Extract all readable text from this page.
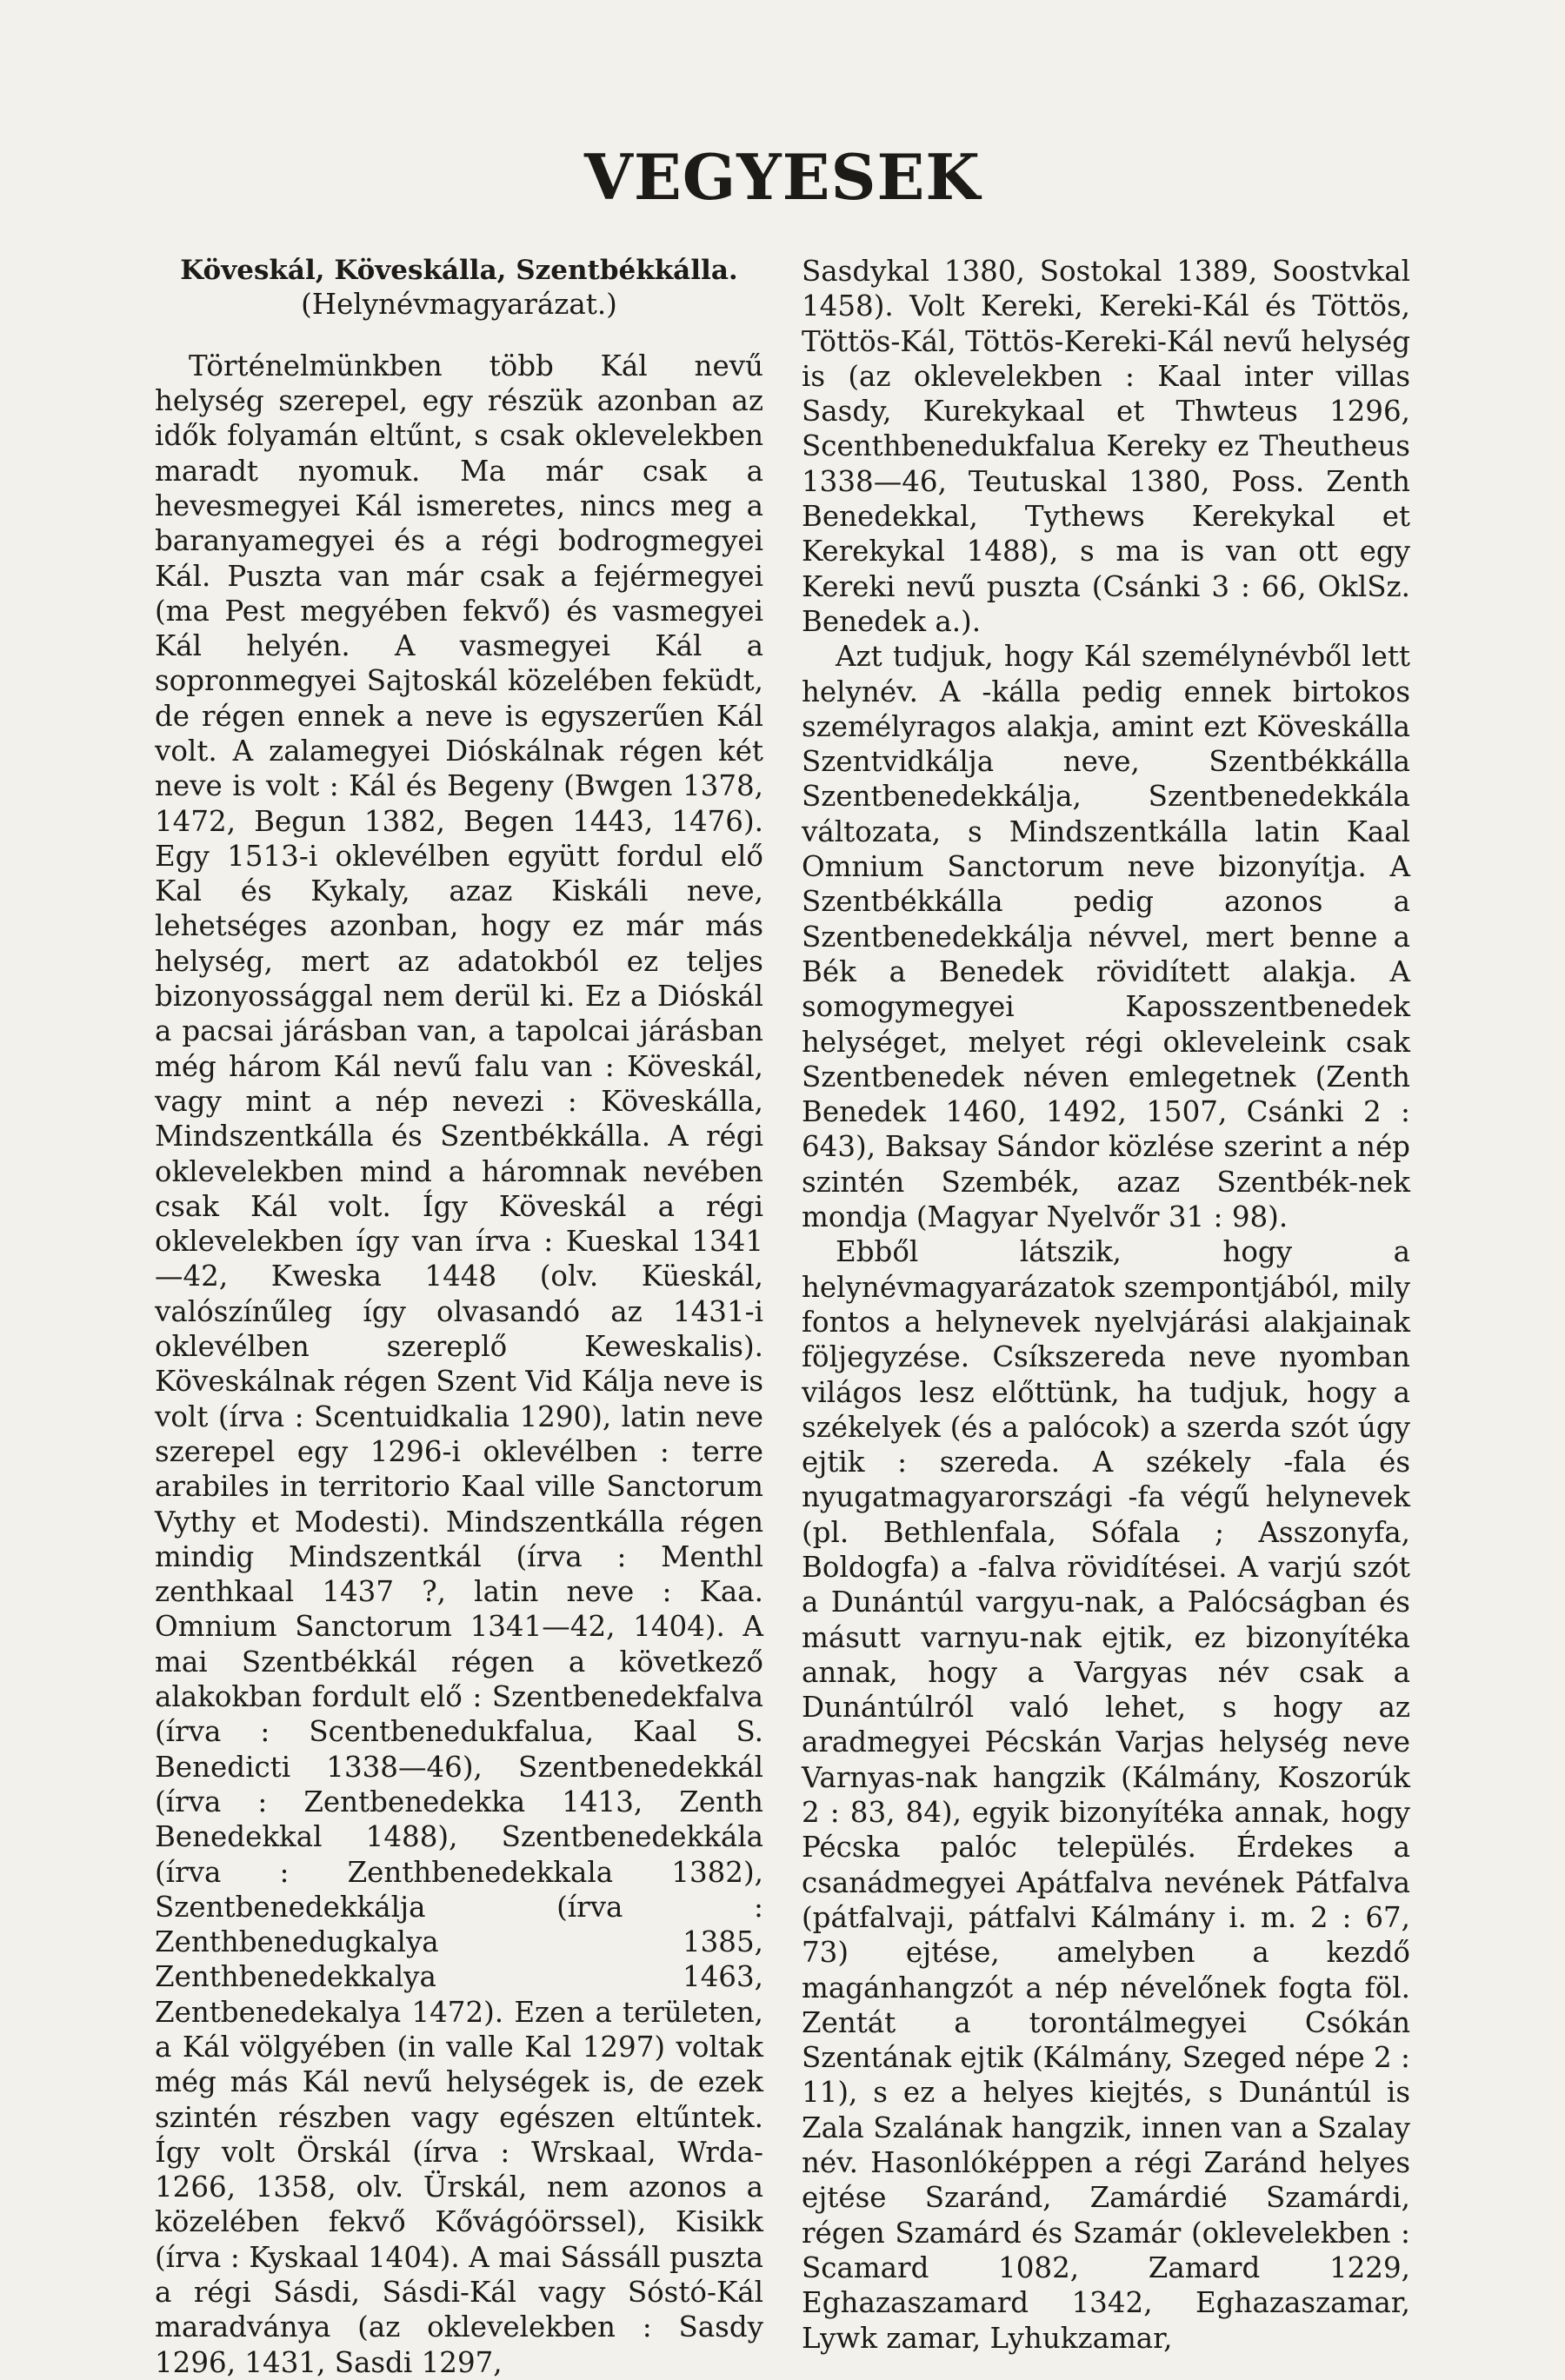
VEGYESEK
Köveskál, Köveskálla, Szentbékkálla.
(Helynévmagyarázat.)

Történelmünkben több Kál nevű helység szerepel, egy részük azonban az idők folyamán eltűnt, s csak oklevelekben maradt nyomuk. Ma már csak a hevesmegyei Kál ismeretes, nincs meg a baranyamegyei és a régi bodrogmegyei Kál. Puszta van már csak a fejérmegyei (ma Pest megyében fekvő) és vasmegyei Kál helyén. A vasmegyei Kál a sopronmegyei Sajtoskál közelében feküdt, de régen ennek a neve is egyszerűen Kál volt. A zalamegyei Dióskálnak régen két neve is volt : Kál és Begeny (Bwgen 1378, 1472, Begun 1382, Begen 1443, 1476). Egy 1513-i oklevélben együtt fordul elő Kal és Kykaly, azaz Kiskáli neve, lehetséges azonban, hogy ez már más helység, mert az adatokból ez teljes bizonyossággal nem derül ki. Ez a Dióskál a pacsai járásban van, a tapolcai járásban még három Kál nevű falu van : Köveskál, vagy mint a nép nevezi : Köveskálla, Mindszentkálla és Szentbékkálla. A régi oklevelekben mind a háromnak nevében csak Kál volt. Így Köveskál a régi oklevelekben így van írva : Kueskal 1341—42, Kweska 1448 (olv. Küeskál, valószínűleg így olvasandó az 1431-i oklevélben szereplő Keweskalis). Köveskálnak régen Szent Vid Kálja neve is volt (írva : Scentuidkalia 1290), latin neve szerepel egy 1296-i oklevélben : terre arabiles in territorio Kaal ville Sanctorum Vythy et Modesti). Mindszentkálla régen mindig Mindszentkál (írva : Menthl zenthkaal 1437 ?, latin neve : Kaa. Omnium Sanctorum 1341—42, 1404). A mai Szentbékkál régen a következő alakokban fordult elő : Szentbenedekfalva (írva : Scentbenedukfalua, Kaal S. Benedicti 1338—46), Szentbenedekkál (írva : Zentbenedekka 1413, Zenth Benedekkal 1488), Szentbenedekkála (írva : Zenthbenedekkala 1382), Szentbenedekkálja (írva : Zenthbenedugkalya 1385, Zenthbenedekkalya 1463, Zentbenedekalya 1472). Ezen a területen, a Kál völgyében (in valle Kal 1297) voltak még más Kál nevű helységek is, de ezek szintén részben vagy egészen eltűntek. Így volt Örskál (írva : Wrskaal, Wrda-1266, 1358, olv. Ürskál, nem azonos a közelében fekvő Kővágóörssel), Kisikk (írva : Kyskaal 1404). A mai Sássáll puszta a régi Sásdi, Sásdi-Kál vagy Sóstó-Kál maradványa (az oklevelekben : Sasdy 1296, 1431, Sasdi 1297,

Sasdykal 1380, Sostokal 1389, Soostvkal 1458). Volt Kereki, Kereki-Kál és Töttös, Töttös-Kál, Töttös-Kereki-Kál nevű helység is (az oklevelekben : Kaal inter villas Sasdy, Kurekykaal et Thwteus 1296, Scenthbenedukfalua Kereky ez Theutheus 1338—46, Teutuskal 1380, Poss. Zenth Benedekkal, Tythews Kerekykal et Kerekykal 1488), s ma is van ott egy Kereki nevű puszta (Csánki 3 : 66, OklSz. Benedek a.).

Azt tudjuk, hogy Kál személynévből lett helynév. A -kálla pedig ennek birtokos személyragos alakja, amint ezt Köveskálla Szentvidkálja neve, Szentbékkálla Szentbenedekkálja, Szentbenedekkála változata, s Mindszentkálla latin Kaal Omnium Sanctorum neve bizonyítja. A Szentbékkálla pedig azonos a Szentbenedekkálja névvel, mert benne a Bék a Benedek rövidített alakja. A somogymegyei Kaposszentbenedek helységet, melyet régi okleveleink csak Szentbenedek néven emlegetnek (Zenth Benedek 1460, 1492, 1507, Csánki 2 : 643), Baksay Sándor közlése szerint a nép szintén Szembék, azaz Szentbék-nek mondja (Magyar Nyelvőr 31 : 98).

Ebből látszik, hogy a helynévmagyarázatok szempontjából, mily fontos a helynevek nyelvjárási alakjainak följegyzése. Csíkszereda neve nyomban világos lesz előttünk, ha tudjuk, hogy a székelyek (és a palócok) a szerda szót úgy ejtik : szereda. A székely -fala és nyugatmagyarországi -fa végű helynevek (pl. Bethlenfala, Sófala ; Asszonyfa, Boldogfa) a -falva rövidítései. A varjú szót a Dunántúl vargyu-nak, a Palócságban és másutt varnyu-nak ejtik, ez bizonyítéka annak, hogy a Vargyas név csak a Dunántúlról való lehet, s hogy az aradmegyei Pécskán Varjas helység neve Varnyas-nak hangzik (Kálmány, Koszorúk 2 : 83, 84), egyik bizonyítéka annak, hogy Pécska palóc település. Érdekes a csanádmegyei Apátfalva nevének Pátfalva (pátfalvaji, pátfalvi Kálmány i. m. 2 : 67, 73) ejtése, amelyben a kezdő magánhangzót a nép névelőnek fogta föl. Zentát a torontálmegyei Csókán Szentának ejtik (Kálmány, Szeged népe 2 : 11), s ez a helyes kiejtés, s Dunántúl is Zala Szalának hangzik, innen van a Szalay név. Hasonlóképpen a régi Zaránd helyes ejtése Szaránd, Zamárdié Szamárdi, régen Szamárd és Szamár (oklevelekben : Scamard 1082, Zamard 1229, Eghazaszamard 1342, Eghazaszamar, Lywk zamar, Lyhukzamar,
